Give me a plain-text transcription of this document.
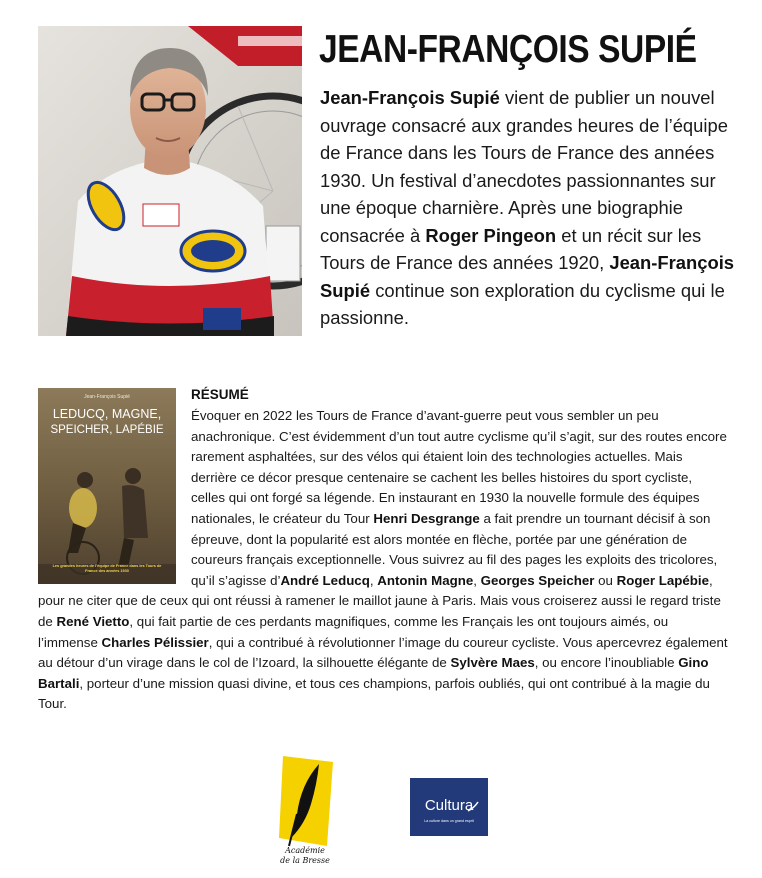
JEAN-FRANÇOIS SUPIÉ

Jean-François Supié vient de publier un nouvel ouvrage consacré aux grandes heures de l’équipe de France dans les Tours de France des années 1930. Un festival d’anecdotes passionnantes sur une époque charnière. Après une biographie consacrée à Roger Pingeon et un récit sur les Tours de France des années 1920, Jean-François Supié continue son exploration du cyclisme qui le passionne.

Jean-François Supié
LEDUCQ, MAGNE,
SPEICHER, LAPÉBIE
Les grandes heures de l’équipe de France dans les Tours de France des années 1930
RÉSUMÉ

Évoquer en 2022 les Tours de France d’avant-guerre peut vous sembler un peu anachronique. C’est évidemment d’un tout autre cyclisme qu’il s’agit, sur des routes encore rarement asphaltées, sur des vélos qui étaient loin des technologies actuelles. Mais derrière ce décor presque centenaire se cachent les belles histoires du sport cycliste, celles qui ont forgé sa légende. En instaurant en 1930 la nouvelle formule des équipes nationales, le créateur du Tour Henri Desgrange a fait prendre un tournant décisif à son épreuve, dont la popularité est alors montée en flèche, portée par une génération de coureurs français exceptionnelle. Vous suivrez au fil des pages les exploits des tricolores, qu’il s’agisse d’André Leducq, Antonin Magne, Georges Speicher ou Roger Lapébie, pour ne citer que de ceux qui ont réussi à ramener le maillot jaune à Paris. Mais vous croiserez aussi le regard triste de René Vietto, qui fait partie de ces perdants magnifiques, comme les Français les ont toujours aimés, ou l’immense Charles Pélissier, qui a contribué à révolutionner l’image du coureur cycliste. Vous apercevrez également au détour d’un virage dans le col de l’Izoard, la silhouette élégante de Sylvère Maes, ou encore l’inoubliable Gino Bartali, porteur d’une mission quasi divine, et tous ces champions, parfois oubliés, qui ont contribué à la magie du Tour.

Académie
de la Bresse
Cultura
La culture dans un grand esprit
